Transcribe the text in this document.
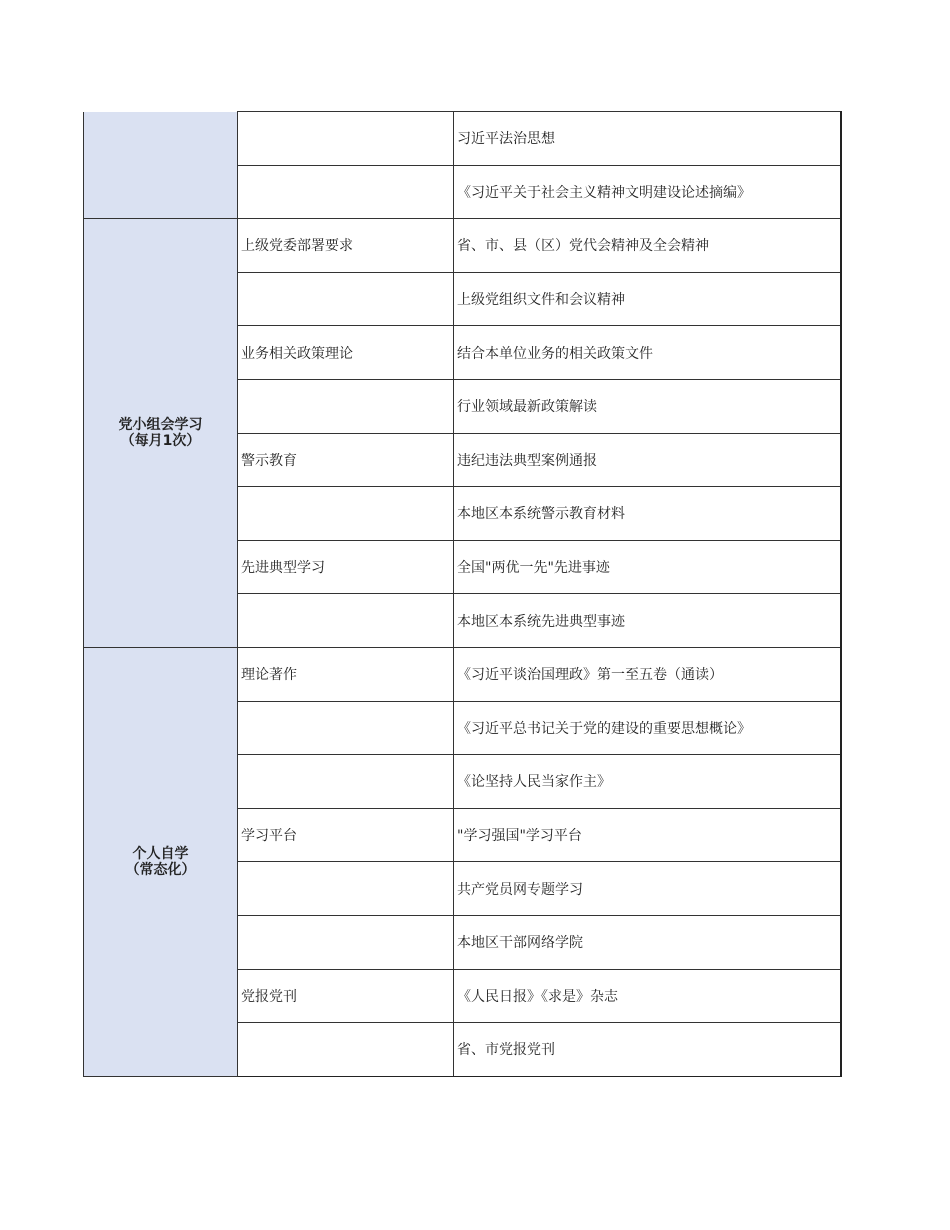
		习近平法治思想
		《习近平关于社会主义精神文明建设论述摘编》

党小组会学习
（每月1次）	上级党委部署要求	省、市、县（区）党代会精神及全会精神
		上级党组织文件和会议精神
	业务相关政策理论	结合本单位业务的相关政策文件
		行业领域最新政策解读
	警示教育	违纪违法典型案例通报
		本地区本系统警示教育材料
	先进典型学习	全国"两优一先"先进事迹
		本地区本系统先进典型事迹

个人自学
（常态化）	理论著作	《习近平谈治国理政》第一至五卷（通读）
		《习近平总书记关于党的建设的重要思想概论》
		《论坚持人民当家作主》
	学习平台	"学习强国"学习平台
		共产党员网专题学习
		本地区干部网络学院
	党报党刊	《人民日报》《求是》杂志
		省、市党报党刊
